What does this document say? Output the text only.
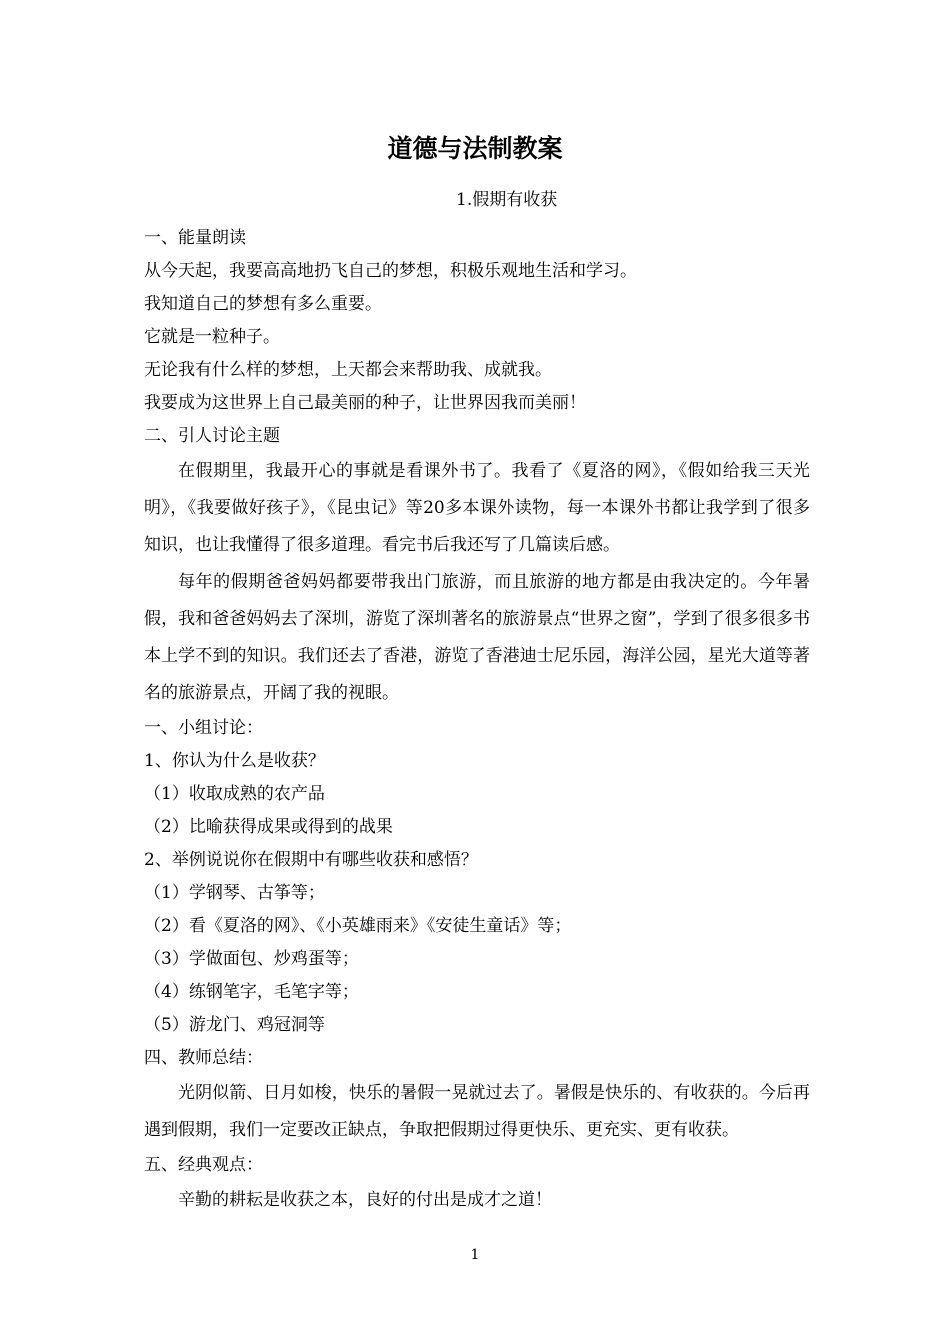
道德与法制教案
1.假期有收获
一、能量朗读
从今天起，我要高高地扔飞自己的梦想，积极乐观地生活和学习。
我知道自己的梦想有多么重要。
它就是一粒种子。
无论我有什么样的梦想，上天都会来帮助我、成就我。
我要成为这世界上自己最美丽的种子，让世界因我而美丽！
二、引人讨论主题

在假期里，我最开心的事就是看课外书了。我看了《夏洛的网》，《假如给我三天光明》，《我要做好孩子》，《昆虫记》等20多本课外读物，每一本课外书都让我学到了很多知识，也让我懂得了很多道理。看完书后我还写了几篇读后感。

每年的假期爸爸妈妈都要带我出门旅游，而且旅游的地方都是由我决定的。今年暑假，我和爸爸妈妈去了深圳，游览了深圳著名的旅游景点“世界之窗”，学到了很多很多书本上学不到的知识。我们还去了香港，游览了香港迪士尼乐园，海洋公园，星光大道等著名的旅游景点，开阔了我的视眼。

一、小组讨论：
1、你认为什么是收获？
（1）收取成熟的农产品
（2）比喻获得成果或得到的战果
2、举例说说你在假期中有哪些收获和感悟？
（1）学钢琴、古筝等；
（2）看《夏洛的网》、《小英雄雨来》《安徒生童话》等；
（3）学做面包、炒鸡蛋等；
（4）练钢笔字，毛笔字等；
（5）游龙门、鸡冠洞等
四、教师总结：

光阴似箭、日月如梭，快乐的暑假一晃就过去了。暑假是快乐的、有收获的。今后再遇到假期，我们一定要改正缺点，争取把假期过得更快乐、更充实、更有收获。

五、经典观点：

辛勤的耕耘是收获之本，良好的付出是成才之道！

1
